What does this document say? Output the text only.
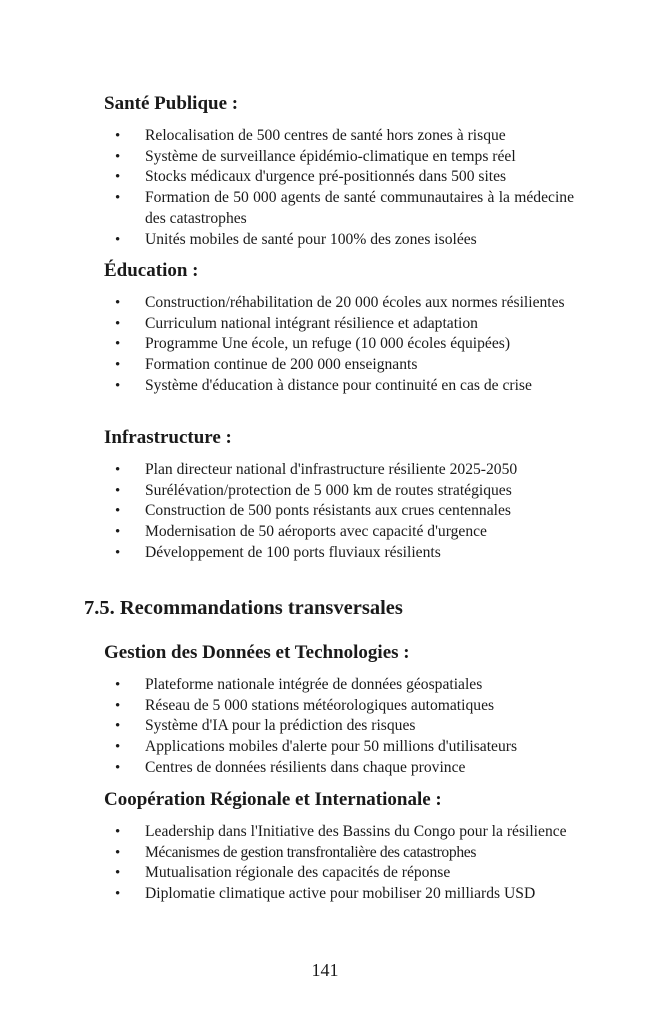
Santé Publique :
• Relocalisation de 500 centres de santé hors zones à risque
• Système de surveillance épidémio-climatique en temps réel
• Stocks médicaux d'urgence pré-positionnés dans 500 sites
• Formation de 50 000 agents de santé communautaires à la médecine des catastrophes
• Unités mobiles de santé pour 100% des zones isolées
Éducation :
• Construction/réhabilitation de 20 000 écoles aux normes résilientes
• Curriculum national intégrant résilience et adaptation
• Programme Une école, un refuge (10 000 écoles équipées)
• Formation continue de 200 000 enseignants
• Système d'éducation à distance pour continuité en cas de crise
Infrastructure :
• Plan directeur national d'infrastructure résiliente 2025-2050
• Surélévation/protection de 5 000 km de routes stratégiques
• Construction de 500 ponts résistants aux crues centennales
• Modernisation de 50 aéroports avec capacité d'urgence
• Développement de 100 ports fluviaux résilients
7.5. Recommandations transversales
Gestion des Données et Technologies :
• Plateforme nationale intégrée de données géospatiales
• Réseau de 5 000 stations météorologiques automatiques
• Système d'IA pour la prédiction des risques
• Applications mobiles d'alerte pour 50 millions d'utilisateurs
• Centres de données résilients dans chaque province
Coopération Régionale et Internationale :
• Leadership dans l'Initiative des Bassins du Congo pour la résilience
• Mécanismes de gestion transfrontalière des catastrophes
• Mutualisation régionale des capacités de réponse
• Diplomatie climatique active pour mobiliser 20 milliards USD
141
